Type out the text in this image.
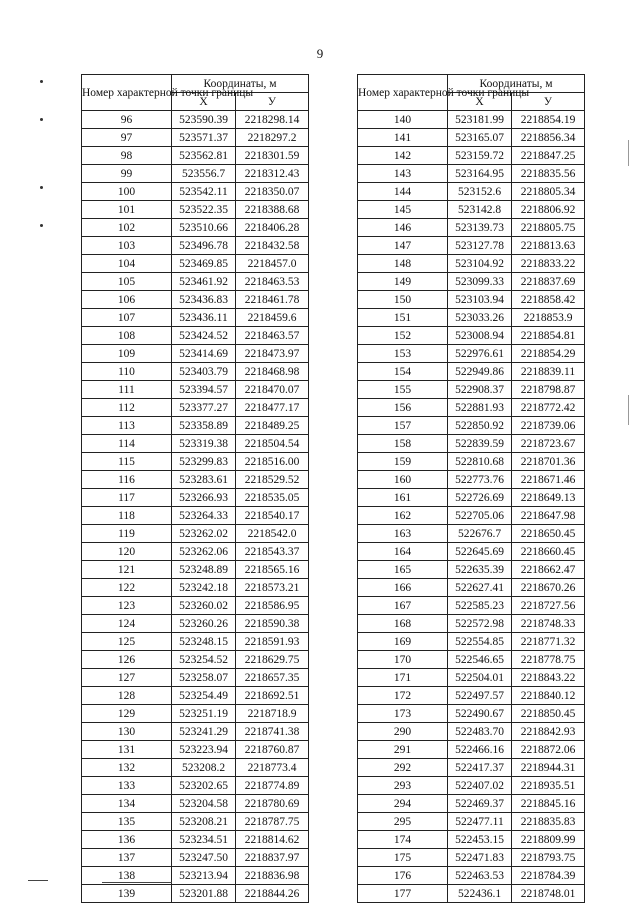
9
Номер характерной точки границы	Координаты, м	
	X	У
96	523590.39	2218298.14
97	523571.37	2218297.2
98	523562.81	2218301.59
99	523556.7	2218312.43
100	523542.11	2218350.07
101	523522.35	2218388.68
102	523510.66	2218406.28
103	523496.78	2218432.58
104	523469.85	2218457.0
105	523461.92	2218463.53
106	523436.83	2218461.78
107	523436.11	2218459.6
108	523424.52	2218463.57
109	523414.69	2218473.97
110	523403.79	2218468.98
111	523394.57	2218470.07
112	523377.27	2218477.17
113	523358.89	2218489.25
114	523319.38	2218504.54
115	523299.83	2218516.00
116	523283.61	2218529.52
117	523266.93	2218535.05
118	523264.33	2218540.17
119	523262.02	2218542.0
120	523262.06	2218543.37
121	523248.89	2218565.16
122	523242.18	2218573.21
123	523260.02	2218586.95
124	523260.26	2218590.38
125	523248.15	2218591.93
126	523254.52	2218629.75
127	523258.07	2218657.35
128	523254.49	2218692.51
129	523251.19	2218718.9
130	523241.29	2218741.38
131	523223.94	2218760.87
132	523208.2	2218773.4
133	523202.65	2218774.89
134	523204.58	2218780.69
135	523208.21	2218787.75
136	523234.51	2218814.62
137	523247.50	2218837.97
138	523213.94	2218836.98
139	523201.88	2218844.26
Номер характерной точки границы	Координаты, м	
	X	У
140	523181.99	2218854.19
141	523165.07	2218856.34
142	523159.72	2218847.25
143	523164.95	2218835.56
144	523152.6	2218805.34
145	523142.8	2218806.92
146	523139.73	2218805.75
147	523127.78	2218813.63
148	523104.92	2218833.22
149	523099.33	2218837.69
150	523103.94	2218858.42
151	523033.26	2218853.9
152	523008.94	2218854.81
153	522976.61	2218854.29
154	522949.86	2218839.11
155	522908.37	2218798.87
156	522881.93	2218772.42
157	522850.92	2218739.06
158	522839.59	2218723.67
159	522810.68	2218701.36
160	522773.76	2218671.46
161	522726.69	2218649.13
162	522705.06	2218647.98
163	522676.7	2218650.45
164	522645.69	2218660.45
165	522635.39	2218662.47
166	522627.41	2218670.26
167	522585.23	2218727.56
168	522572.98	2218748.33
169	522554.85	2218771.32
170	522546.65	2218778.75
171	522504.01	2218843.22
172	522497.57	2218840.12
173	522490.67	2218850.45
290	522483.70	2218842.93
291	522466.16	2218872.06
292	522417.37	2218944.31
293	522407.02	2218935.51
294	522469.37	2218845.16
295	522477.11	2218835.83
174	522453.15	2218809.99
175	522471.83	2218793.75
176	522463.53	2218784.39
177	522436.1	2218748.01
